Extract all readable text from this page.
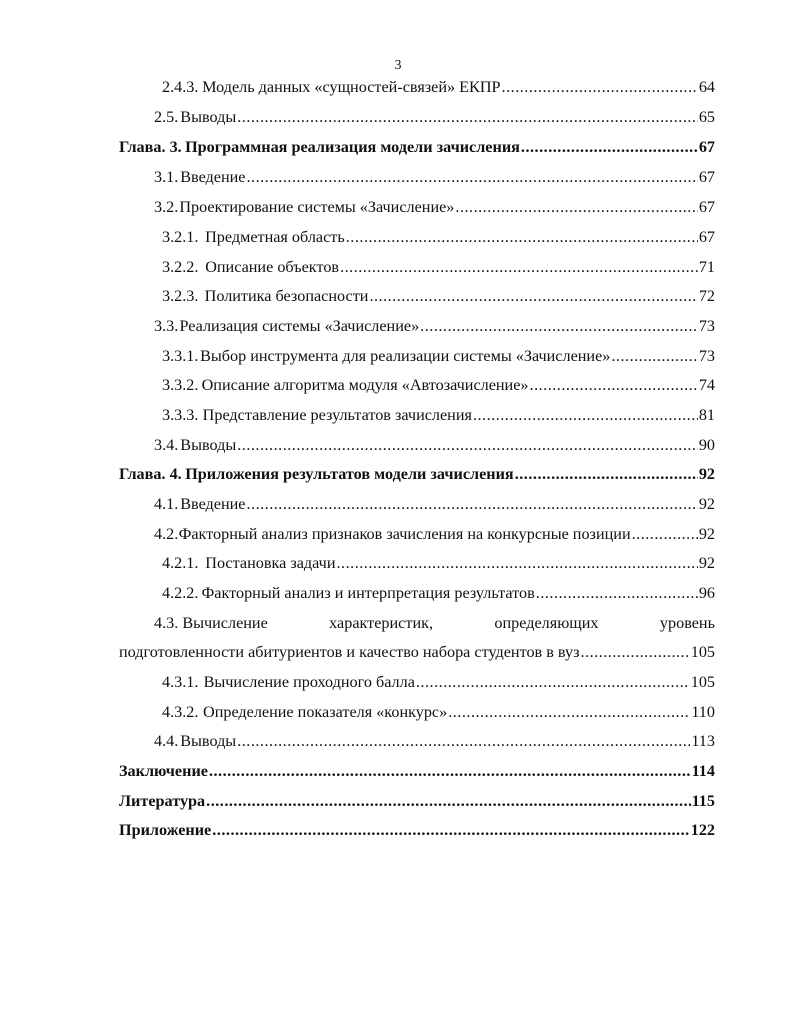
3
2.4.3. Модель данных «сущностей-связей» ЕКПР .....	64
2.5. Выводы .....	65
Глава. 3. Программная реализация модели зачисления .....	67
3.1. Введение .....	67
3.2. Проектирование системы «Зачисление» .....	67
3.2.1. Предметная область .....	67
3.2.2. Описание объектов .....	71
3.2.3. Политика безопасности .....	72
3.3. Реализация системы «Зачисление» .....	73
3.3.1. Выбор инструмента для реализации системы «Зачисление» .....	73
3.3.2. Описание алгоритма модуля «Автозачисление» .....	74
3.3.3. Представление результатов зачисления .....	81
3.4. Выводы .....	90
Глава. 4. Приложения результатов модели зачисления .....	92
4.1. Введение .....	92
4.2. Факторный анализ признаков зачисления на конкурсные позиции .....	92
4.2.1. Постановка задачи .....	92
4.2.2. Факторный анализ и интерпретация результатов .....	96
4.3. Вычисление	характеристик,	определяющих	уровень
подготовленности абитуриентов и качество набора студентов в вуз .....	105
4.3.1. Вычисление проходного балла .....	105
4.3.2. Определение показателя «конкурс» .....	110
4.4. Выводы .....	113
Заключение .....	114
Литература .....	115
Приложение .....	122
